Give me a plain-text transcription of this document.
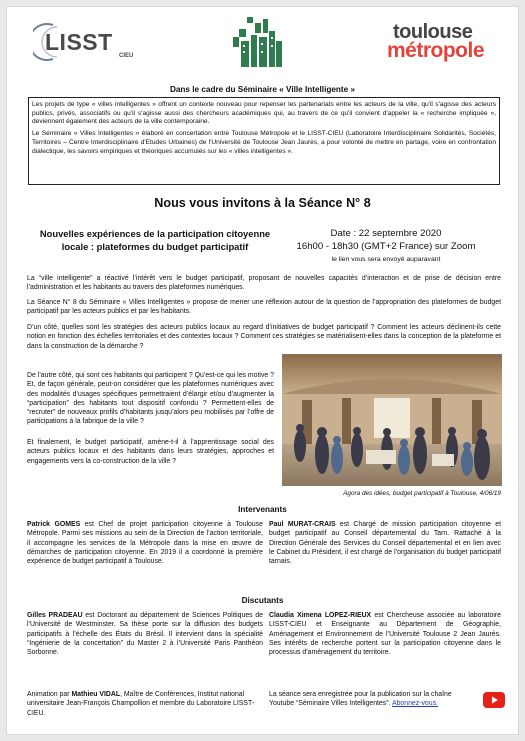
LISST
CIEU
toulouse
métropole
Dans le cadre du Séminaire « Ville Intelligente »

Les projets de type « villes intelligentes » offrent un contexte nouveau pour repenser les partenariats entre les acteurs de la ville, qu'il s'agisse des acteurs publics, privés, associatifs ou qu'il s'agisse aussi des chercheurs académiques qui, au travers de ce qu'il convient d'appeler la « recherche impliquée », deviennent également des acteurs de la ville contemporaine.

Le Séminaire « Villes Intelligentes » élaboré en concertation entre Toulouse Métropole et le LISST-CIEU (Laboratoire Interdisciplinaire Solidarités, Sociétés, Territoires – Centre Interdisciplinaire d'Etudes Urbaines) de l'Université de Toulouse Jean Jaurès, a pour volonté de mettre en partage, voire en confrontation dialectique, les savoirs empiriques et théoriques accumulés sur les « villes intelligentes ».

Nous vous invitons à la Séance N° 8
Nouvelles expériences de la participation citoyenne locale : plateformes du budget participatif
Date : 22 septembre 2020
16h00 - 18h30 (GMT+2 France) sur Zoom
le lien vous sera envoyé auparavant

La “ville intelligente” a réactivé l’intérêt vers le budget participatif, proposant de nouvelles capacités d’interaction et de prise de décision entre l’administration et les habitants au travers des plateformes numériques.

La Séance N° 8 du Séminaire « Villes Intelligentes » propose de mener une réflexion autour de la question de l’appropriation des plateformes de budget participatif par les acteurs publics et par les habitants.

D’un côté, quelles sont les stratégies des acteurs publics locaux au regard d’initiatives de budget participatif ? Comment les acteurs déclinent-ils cette notion en fonction des échelles territoriales et des contextes locaux ? Comment ces stratégies se matérialisent-elles dans la conception de la plateforme et dans la construction de la démarche ?

De l’autre côté, qui sont ces habitants qui participent ? Qu’est-ce qui les motive ? Et, de façon générale, peut-on considérer que les plateformes numériques avec des modalités d’usages spécifiques permettraient d’élargir et/ou d’augmenter la “participation” des habitants tout dispositif confondu ? Permettent-elles de “recruter” de nouveaux profils d’habitants jusqu’alors peu mobilisés par l’offre de participations à la fabrique de la ville ?

Et finalement, le budget participatif, amène-t-il à l’apprentissage social des acteurs publics locaux et des habitants dans leurs stratégies, approches et engagements vers la co-construction de la ville ?

Agora des idées, budget participatif à Toulouse, 4/06/19
Intervenants

Patrick GOMES est Chef de projet participation citoyenne à Toulouse Métropole. Parmi ses missions au sein de la Direction de l’action territoriale, il accompagne les services de la Métropole dans la mise en œuvre de démarches de participation citoyenne. En 2019 il a coordonné la première expérience de budget participatif à Toulouse.

Paul MURAT-CRAIS est Chargé de mission participation citoyenne et budget participatif au Conseil départemental du Tarn. Rattaché à la Direction Générale des Services du Conseil départemental et en lien avec le Cabinet du Président, il est chargé de l’organisation du budget participatif tarnais.

Discutants

Gilles PRADEAU est Doctorant au département de Sciences Politiques de l’Université de Westminster. Sa thèse porte sur la diffusion des budgets participatifs à l’échelle des États du Brésil. Il intervient dans la spécialité “Ingénierie de la concertation” du Master 2 à l’Université Paris Panthéon Sorbonne.

Claudia Ximena LOPEZ-RIEUX est Chercheuse associée au laboratoire LISST-CIEU et Enseignante au Département de Géographie, Aménagement et Environnement de l’Université Toulouse 2 Jean Jaurès. Ses intérêts de recherche portent sur la participation citoyenne dans le processus d’aménagement du territoire.

Animation par Mathieu VIDAL, Maître de Conférences, Institut national universitaire Jean-François Champollion et membre du Laboratoire LISST-CIEU.

La séance sera enregistrée pour la publication sur la chaîne Youtube “Séminaire Villes Intelligentes”. Abonnez-vous.
